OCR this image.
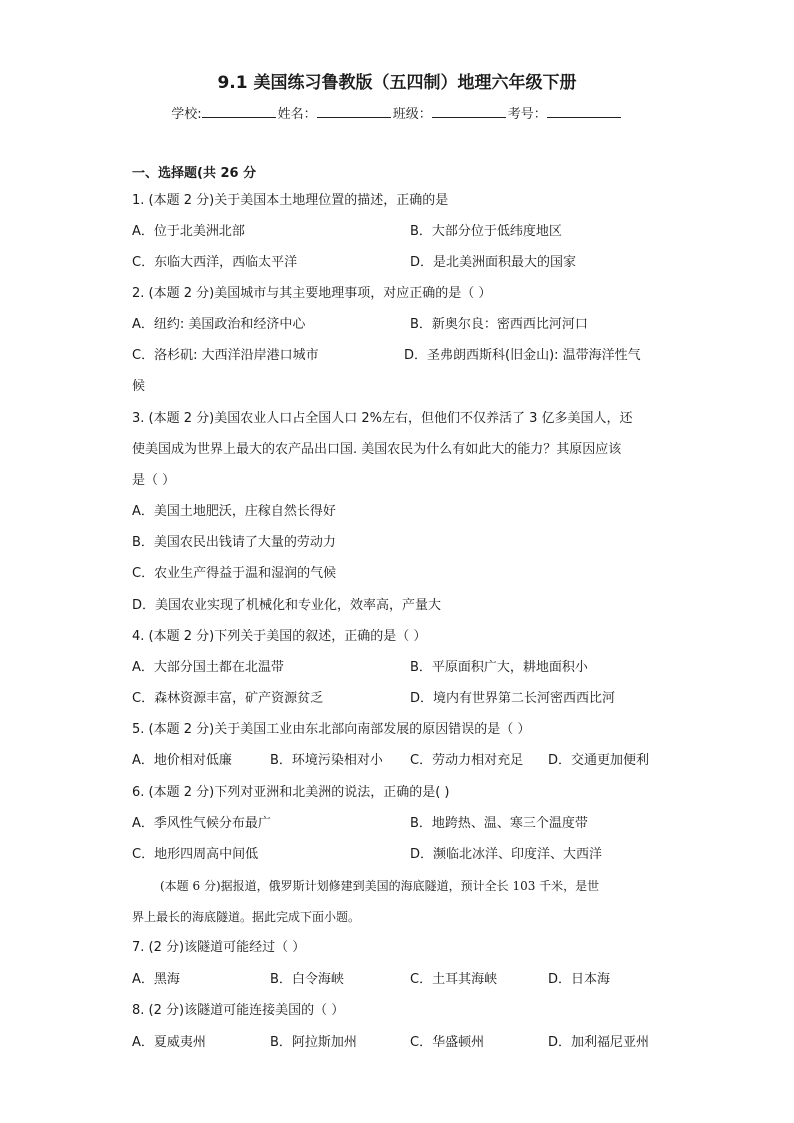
9.1 美国练习鲁教版（五四制）地理六年级下册
学校:	姓名：	班级：	考号：
一、选择题(共 26 分
1. (本题 2 分)关于美国本土地理位置的描述，正确的是
A．位于北美洲北部	B．大部分位于低纬度地区
C．东临大西洋，西临太平洋	D．是北美洲面积最大的国家
2. (本题 2 分)美国城市与其主要地理事项，对应正确的是（ ）
A．纽约: 美国政治和经济中心	B．新奥尔良：密西西比河河口
C．洛杉矶: 大西洋沿岸港口城市	D．圣弗朗西斯科(旧金山): 温带海洋性气
候
3. (本题 2 分)美国农业人口占全国人口 2%左右，但他们不仅养活了 3 亿多美国人，还
使美国成为世界上最大的农产品出口国. 美国农民为什么有如此大的能力？其原因应该
是（ ）
A．美国土地肥沃，庄稼自然长得好
B．美国农民出钱请了大量的劳动力
C．农业生产得益于温和湿润的气候
D．美国农业实现了机械化和专业化，效率高，产量大
4. (本题 2 分)下列关于美国的叙述，正确的是（ ）
A．大部分国土都在北温带	B．平原面积广大，耕地面积小
C．森林资源丰富，矿产资源贫乏	D．境内有世界第二长河密西西比河
5. (本题 2 分)关于美国工业由东北部向南部发展的原因错误的是（ ）
A．地价相对低廉	B．环境污染相对小 C．劳动力相对充足 D．交通更加便利
6. (本题 2 分)下列对亚洲和北美洲的说法，正确的是( )
A．季风性气候分布最广	B．地跨热、温、寒三个温度带
C．地形四周高中间低	D．濒临北冰洋、印度洋、大西洋
(本题 6 分)据报道，俄罗斯计划修建到美国的海底隧道，预计全长 103 千米，是世
界上最长的海底隧道。据此完成下面小题。
7. (2 分)该隧道可能经过（ ）
A．黑海	B．白令海峡	C．土耳其海峡	D．日本海
8. (2 分)该隧道可能连接美国的（ ）
A．夏威夷州	B．阿拉斯加州	C．华盛顿州	D．加利福尼亚州
